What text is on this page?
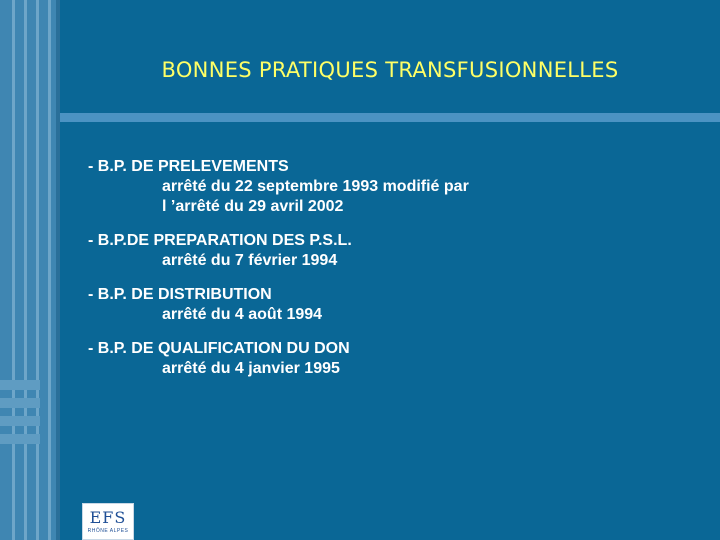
BONNES PRATIQUES TRANSFUSIONNELLES
- B.P. DE PRELEVEMENTS
arrêté du 22 septembre 1993 modifié par
l ’arrêté du 29 avril 2002
- B.P.DE PREPARATION DES P.S.L.
arrêté du 7 février 1994
- B.P. DE DISTRIBUTION
arrêté du 4 août 1994
- B.P. DE QUALIFICATION DU DON
arrêté du 4 janvier 1995
EFS
RHÔNE ALPES
